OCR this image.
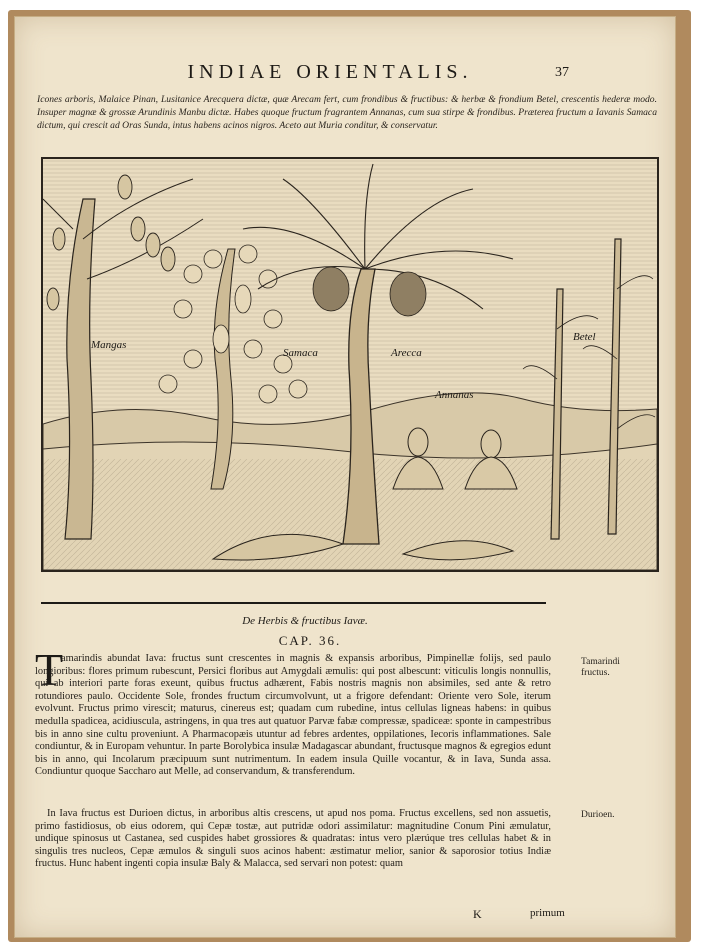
INDIAE ORIENTALIS.	37
Icones arboris, Malaice Pinan, Lusitanice Arecquera dictæ, quæ Arecam fert, cum frondibus & fructibus: & herbæ & frondium Betel, crescentis hederæ modo. Insuper magnæ & grossæ Arundinis Manbu dictæ. Habes quoque fructum fragrantem Annanas, cum sua stirpe & frondibus. Præterea fructum a Iavanis Samaca dictum, qui crescit ad Oras Sunda, intus habens acinos nigros. Aceto aut Muria conditur, & conservatur.
Mangas
Samaca	Arecca
Annanas
Betel
De Herbis & fructibus Iavæ.
CAP. 36.
T
amarindis abundat Iava: fructus sunt crescentes in magnis & expansis arboribus, Pimpinellæ folijs, sed paulo longioribus: flores primum rubescunt, Persici floribus aut Amygdali æmulis: qui post albescunt: viticulis longis nonnullis, qui ab interiori parte foras exeunt, quibus fructus adhærent, Fabis nostris magnis non absimiles, sed ante & retro rotundiores paulo. Occidente Sole, frondes fructum circumvolvunt, ut a frigore defendant: Oriente vero Sole, iterum evolvunt. Fructus primo virescit; maturus, cinereus est; quadam cum rubedine, intus cellulas ligneas habens: in quibus medulla spadicea, acidiuscula, astringens, in qua tres aut quatuor Parvæ fabæ compressæ, spadiceæ: sponte in campestribus bis in anno sine cultu proveniunt. A Pharmacopæis utuntur ad febres ardentes, oppilationes, Iecoris inflammationes. Sale condiuntur, & in Europam vehuntur. In parte Borolybica insulæ Madagascar abundant, fructusque magnos & egregios edunt bis in anno, qui Incolarum præcipuum sunt nutrimentum. In eadem insula Quille vocantur, & in Iava, Sunda assa. Condiuntur quoque Saccharo aut Melle, ad conservandum, & transferendum.
In Iava fructus est Durioen dictus, in arboribus altis crescens, ut apud nos poma. Fructus excellens, sed non assuetis, primo fastidiosus, ob eius odorem, qui Cepæ tostæ, aut putridæ odori assimilatur: magnitudine Conum Pini æmulatur, undique spinosus ut Castanea, sed cuspides habet grossiores & quadratas: intus vero plærúque tres cellulas habet & in singulis tres nucleos, Cepæ æmulos & singuli suos acinos habent: æstimatur melior, sanior & saporosior totius Indiæ fructus. Hunc habent ingenti copia insulæ Baly & Malacca, sed servari non potest: quam
Tamarindi fructus.
Durioen.
K	primum
